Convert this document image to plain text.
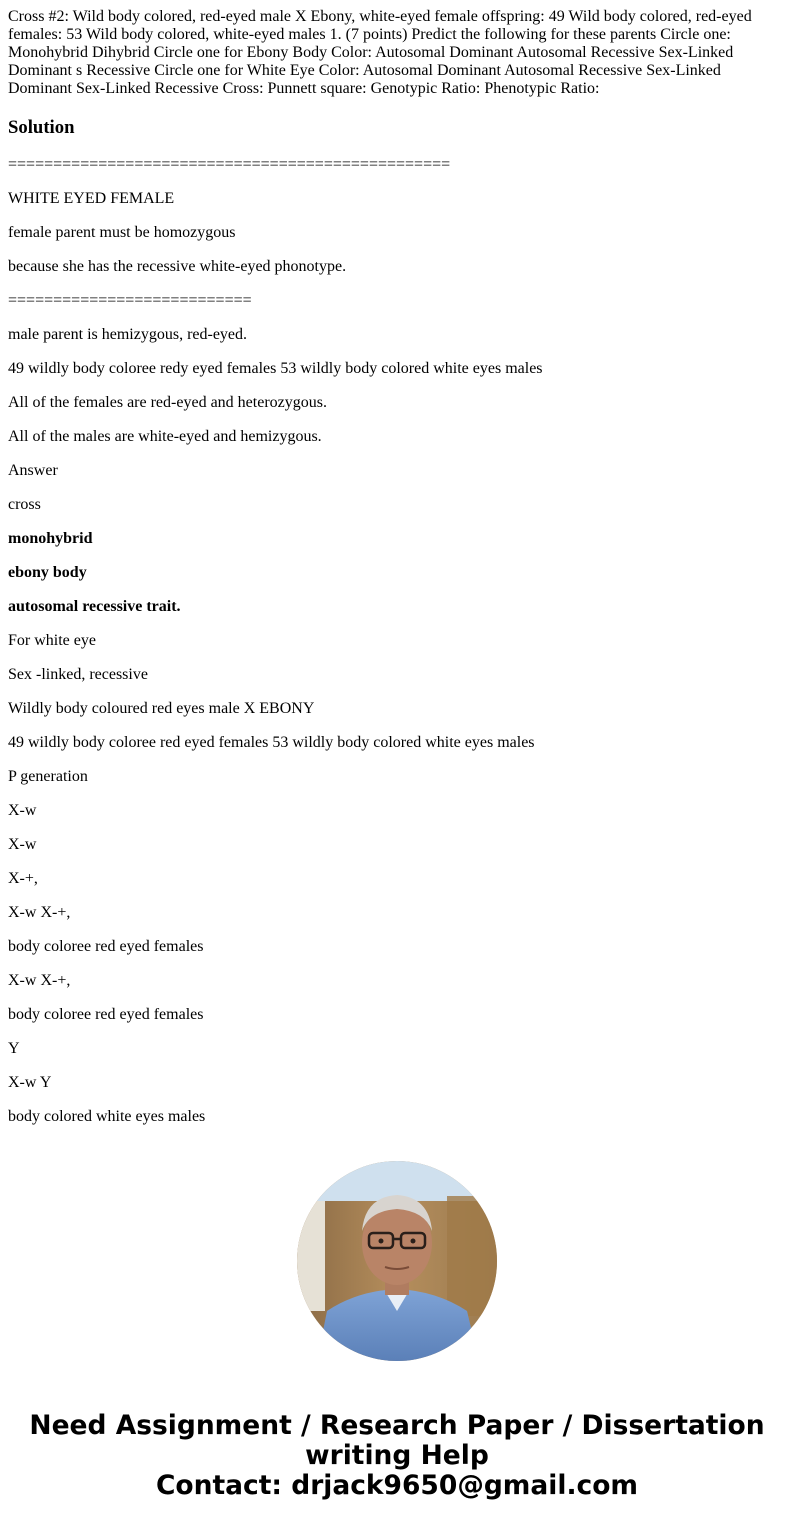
Cross #2: Wild body colored, red-eyed male X Ebony, white-eyed female offspring: 49 Wild body colored, red-eyed females: 53 Wild body colored, white-eyed males 1. (7 points) Predict the following for these parents Circle one: Monohybrid Dihybrid Circle one for Ebony Body Color: Autosomal Dominant Autosomal Recessive Sex-Linked Dominant s Recessive Circle one for White Eye Color: Autosomal Dominant Autosomal Recessive Sex-Linked Dominant Sex-Linked Recessive Cross: Punnett square: Genotypic Ratio: Phenotypic Ratio:
Solution

=================================================

WHITE EYED FEMALE

female parent must be homozygous

because she has the recessive white-eyed phonotype.

===========================

male parent is hemizygous, red-eyed.

49 wildly body coloree redy eyed females 53 wildly body colored white eyes males

All of the females are red-eyed and heterozygous.

All of the males are white-eyed and hemizygous.

Answer

cross

monohybrid

ebony body

autosomal recessive trait.

For white eye

Sex -linked, recessive

Wildly body coloured red eyes male X EBONY

49 wildly body coloree red eyed females 53 wildly body colored white eyes males

P generation

X-w

X-w

X-+,

X-w X-+,

body coloree red eyed females

X-w X-+,

body coloree red eyed females

Y

X-w Y

body colored white eyes males

Need Assignment / Research Paper / Dissertation
writing Help
Contact: drjack9650@gmail.com
